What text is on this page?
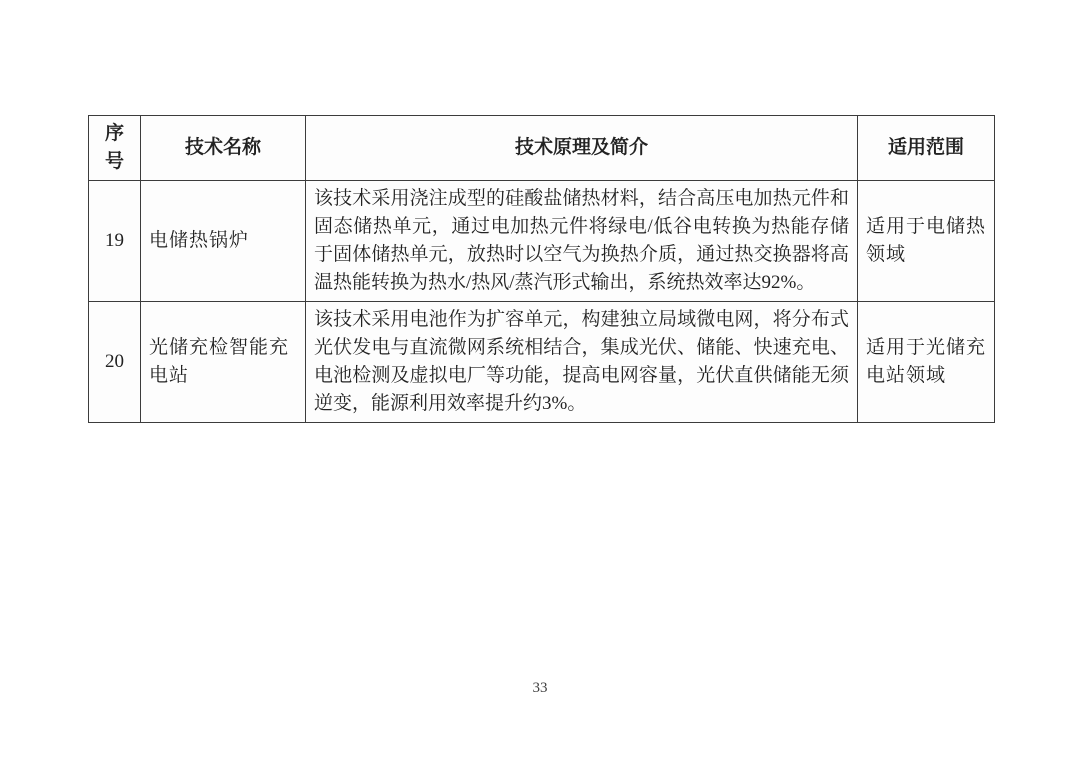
序号	技术名称	技术原理及简介	适用范围
19	电储热锅炉	该技术采用浇注成型的硅酸盐储热材料，结合高压电加热元件和固态储热单元，通过电加热元件将绿电/低谷电转换为热能存储于固体储热单元，放热时以空气为换热介质，通过热交换器将高温热能转换为热水/热风/蒸汽形式输出，系统热效率达92%。	适用于电储热领域
20	光储充检智能充电站	该技术采用电池作为扩容单元，构建独立局域微电网，将分布式光伏发电与直流微网系统相结合，集成光伏、储能、快速充电、电池检测及虚拟电厂等功能，提高电网容量，光伏直供储能无须逆变，能源利用效率提升约3%。	适用于光储充电站领域
33
